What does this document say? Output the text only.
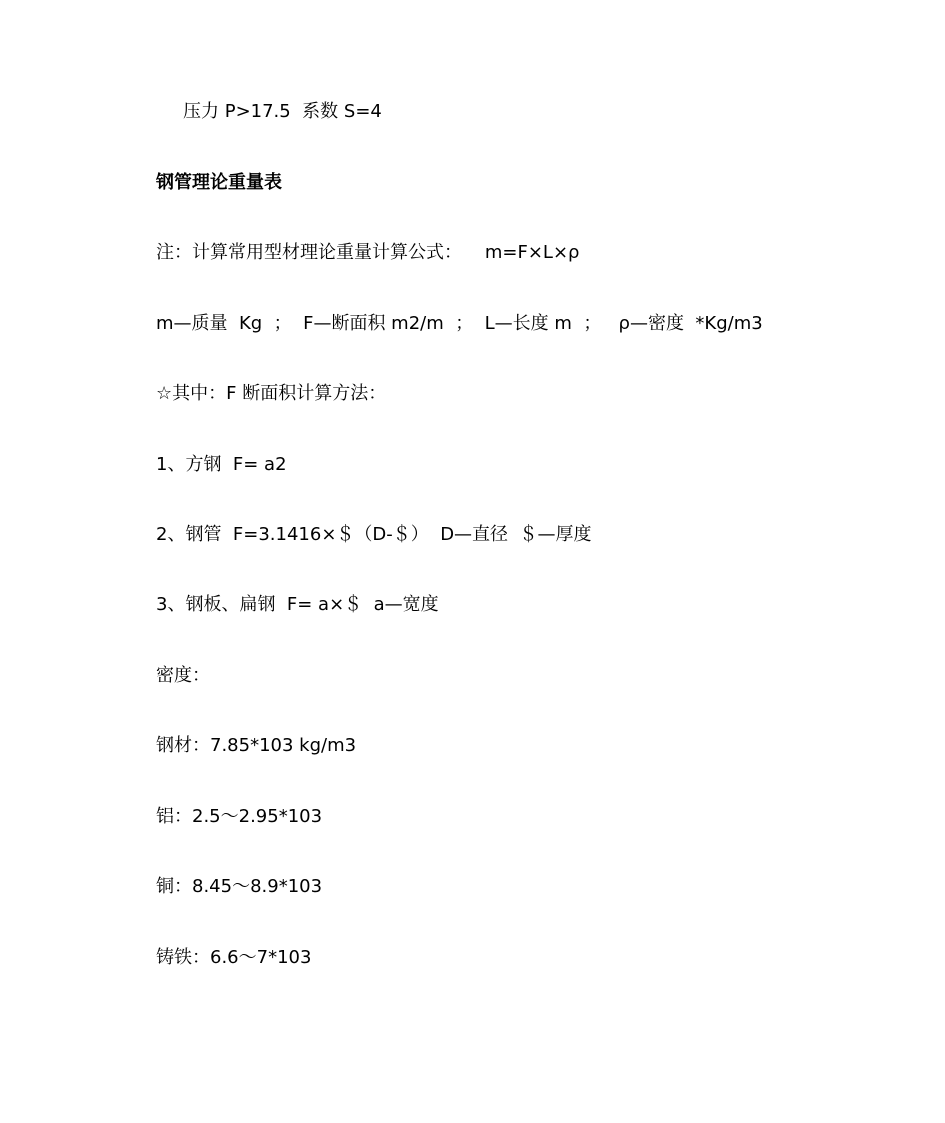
压力 P>17.5  系数 S=4
钢管理论重量表
注：计算常用型材理论重量计算公式：    m=F×L×ρ
m—质量  Kg  ；  F—断面积 m2/m  ；  L—长度 m  ；   ρ—密度  *Kg/m3
☆其中：F 断面积计算方法：
1、方钢  F= a2
2、钢管  F=3.1416×＄（D-＄）  D—直径  ＄—厚度
3、钢板、扁钢  F= a×＄  a—宽度
密度：
钢材：7.85*103 kg/m3
铝：2.5～2.95*103
铜：8.45～8.9*103
铸铁：6.6～7*103
